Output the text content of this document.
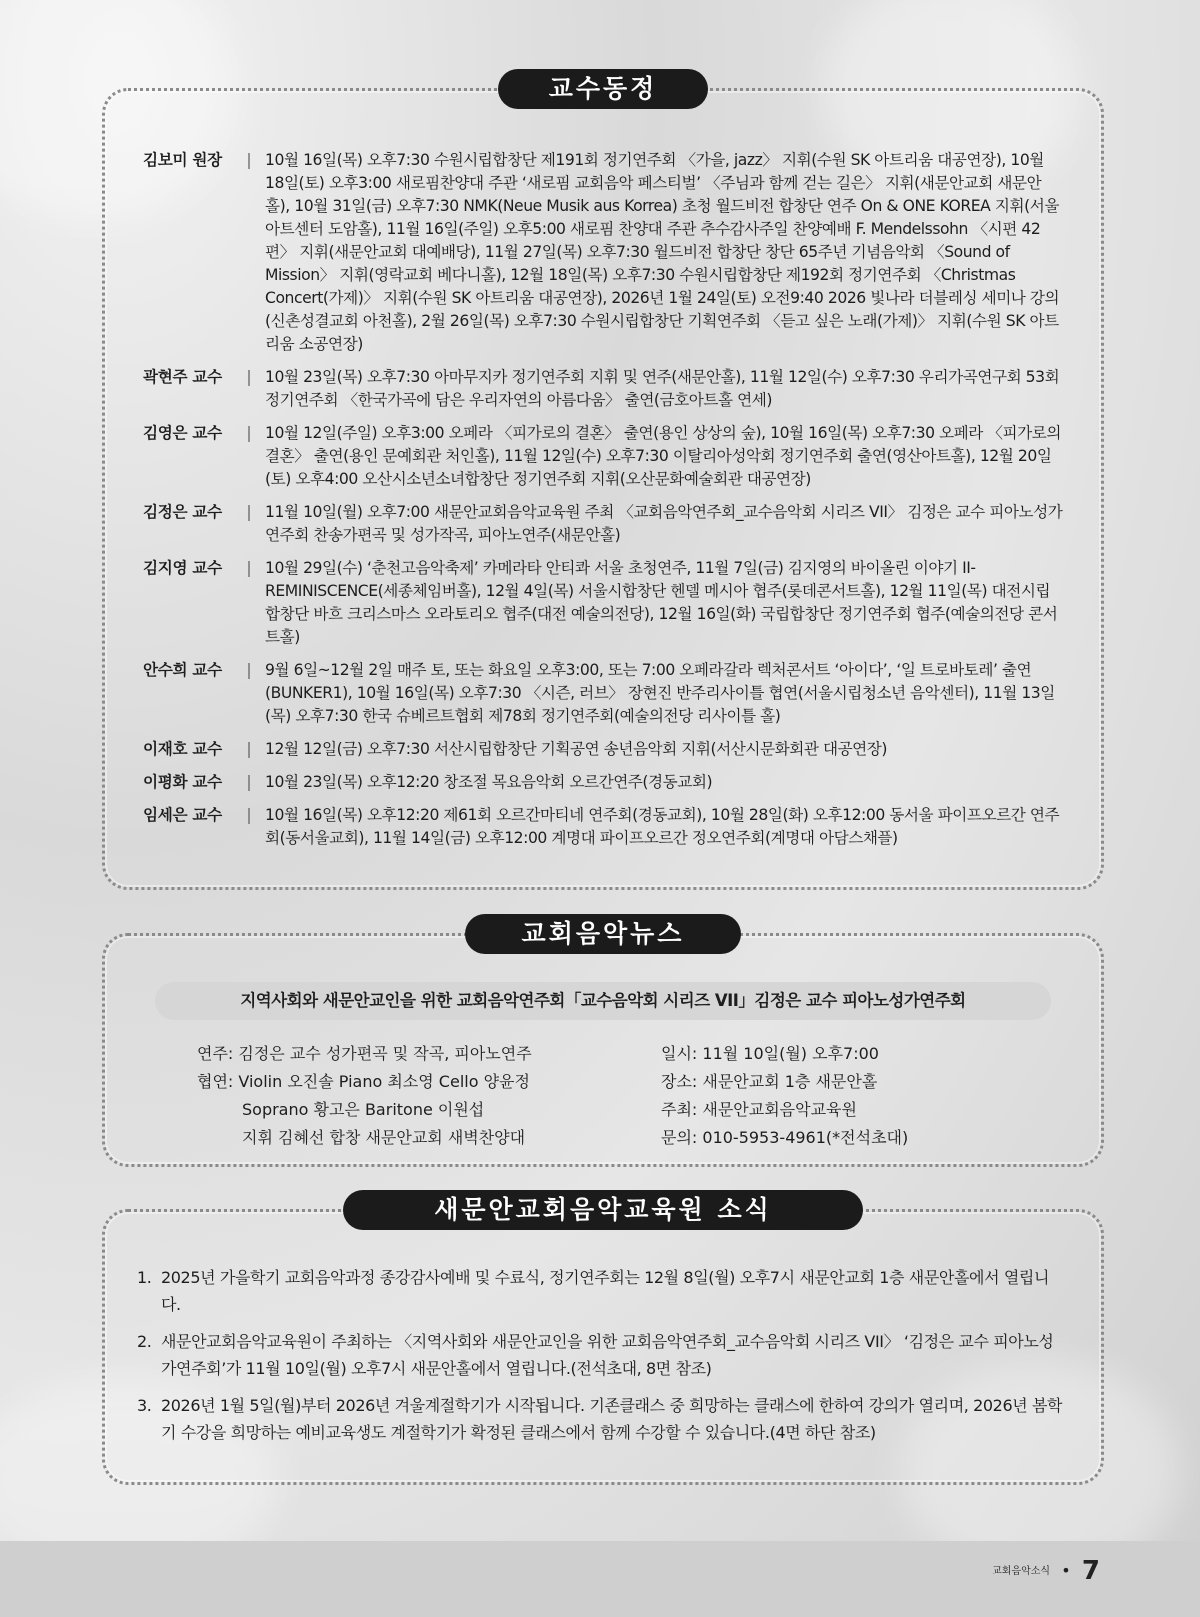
교수동정
김보미 원장	| 10월 16일(목) 오후7:30 수원시립합창단 제191회 정기연주회 〈가을, jazz〉 지휘(수원 SK 아트리움 대공연장), 10월 18일(토) 오후3:00 새로핌찬양대 주관 ‘새로핌 교회음악 페스티벌’ 〈주님과 함께 걷는 길은〉 지휘(새문안교회 새문안홀), 10월 31일(금) 오후7:30 NMK(Neue Musik aus Korrea) 초청 월드비전 합창단 연주 On & ONE KOREA 지휘(서울 아트센터 도암홀), 11월 16일(주일) 오후5:00 새로핌 찬양대 주관 추수감사주일 찬양예배 F. Mendelssohn 〈시편 42편〉 지휘(새문안교회 대예배당), 11월 27일(목) 오후7:30 월드비전 합창단 창단 65주년 기념음악회 〈Sound of Mission〉 지휘(영락교회 베다니홀), 12월 18일(목) 오후7:30 수원시립합창단 제192회 정기연주회 〈Christmas Concert(가제)〉 지휘(수원 SK 아트리움 대공연장), 2026년 1월 24일(토) 오전9:40 2026 빛나라 더블레싱 세미나 강의(신촌성결교회 아천홀), 2월 26일(목) 오후7:30 수원시립합창단 기획연주회 〈듣고 싶은 노래(가제)〉 지휘(수원 SK 아트리움 소공연장)
곽현주 교수	| 10월 23일(목) 오후7:30 아마무지카 정기연주회 지휘 및 연주(새문안홀), 11월 12일(수) 오후7:30 우리가곡연구회 53회 정기연주회 〈한국가곡에 담은 우리자연의 아름다움〉 출연(금호아트홀 연세)
김영은 교수	| 10월 12일(주일) 오후3:00 오페라 〈피가로의 결혼〉 출연(용인 상상의 숲), 10월 16일(목) 오후7:30 오페라 〈피가로의 결혼〉 출연(용인 문예회관 처인홀), 11월 12일(수) 오후7:30 이탈리아성악회 정기연주회 출연(영산아트홀), 12월 20일(토) 오후4:00 오산시소년소녀합창단 정기연주회 지휘(오산문화예술회관 대공연장)
김정은 교수	| 11월 10일(월) 오후7:00 새문안교회음악교육원 주최 〈교회음악연주회_교수음악회 시리즈 VII〉 김정은 교수 피아노성가연주회 찬송가편곡 및 성가작곡, 피아노연주(새문안홀)
김지영 교수	| 10월 29일(수) ‘춘천고음악축제’ 카메라타 안티콰 서울 초청연주, 11월 7일(금) 김지영의 바이올린 이야기 II-REMINISCENCE(세종체임버홀), 12월 4일(목) 서울시합창단 헨델 메시아 협주(롯데콘서트홀), 12월 11일(목) 대전시립합창단 바흐 크리스마스 오라토리오 협주(대전 예술의전당), 12월 16일(화) 국립합창단 정기연주회 협주(예술의전당 콘서트홀)
안수희 교수	| 9월 6일~12월 2일 매주 토, 또는 화요일 오후3:00, 또는 7:00 오페라갈라 렉처콘서트 ‘아이다’, ‘일 트로바토레’ 출연(BUNKER1), 10월 16일(목) 오후7:30 〈시즌, 러브〉 장현진 반주리사이틀 협연(서울시립청소년 음악센터), 11월 13일(목) 오후7:30 한국 슈베르트협회 제78회 정기연주회(예술의전당 리사이틀 홀)
이재호 교수	| 12월 12일(금) 오후7:30 서산시립합창단 기획공연 송년음악회 지휘(서산시문화회관 대공연장)
이평화 교수	| 10월 23일(목) 오후12:20 창조절 목요음악회 오르간연주(경동교회)
임세은 교수	| 10월 16일(목) 오후12:20 제61회 오르간마티네 연주회(경동교회), 10월 28일(화) 오후12:00 동서울 파이프오르간 연주회(동서울교회), 11월 14일(금) 오후12:00 계명대 파이프오르간 정오연주회(계명대 아담스채플)
교회음악뉴스
지역사회와 새문안교인을 위한 교회음악연주회「교수음악회 시리즈 VII」김정은 교수 피아노성가연주회
연주: 김정은 교수 성가편곡 및 작곡, 피아노연주
협연: Violin 오진솔 Piano 최소영 Cello 양윤정
Soprano 황고은 Baritone 이원섭
지휘 김혜선 합창 새문안교회 새벽찬양대
일시: 11월 10일(월) 오후7:00
장소: 새문안교회 1층 새문안홀
주최: 새문안교회음악교육원
문의: 010-5953-4961(*전석초대)
새문안교회음악교육원 소식
1. 2025년 가을학기 교회음악과정 종강감사예배 및 수료식, 정기연주회는 12월 8일(월) 오후7시 새문안교회 1층 새문안홀에서 열립니다.
2. 새문안교회음악교육원이 주최하는 〈지역사회와 새문안교인을 위한 교회음악연주회_교수음악회 시리즈 VII〉 ‘김정은 교수 피아노성가연주회’가 11월 10일(월) 오후7시 새문안홀에서 열립니다.(전석초대, 8면 참조)
3. 2026년 1월 5일(월)부터 2026년 겨울계절학기가 시작됩니다. 기존클래스 중 희망하는 클래스에 한하여 강의가 열리며, 2026년 봄학기 수강을 희망하는 예비교육생도 계절학기가 확정된 클래스에서 함께 수강할 수 있습니다.(4면 하단 참조)
교회음악소식 • 7
